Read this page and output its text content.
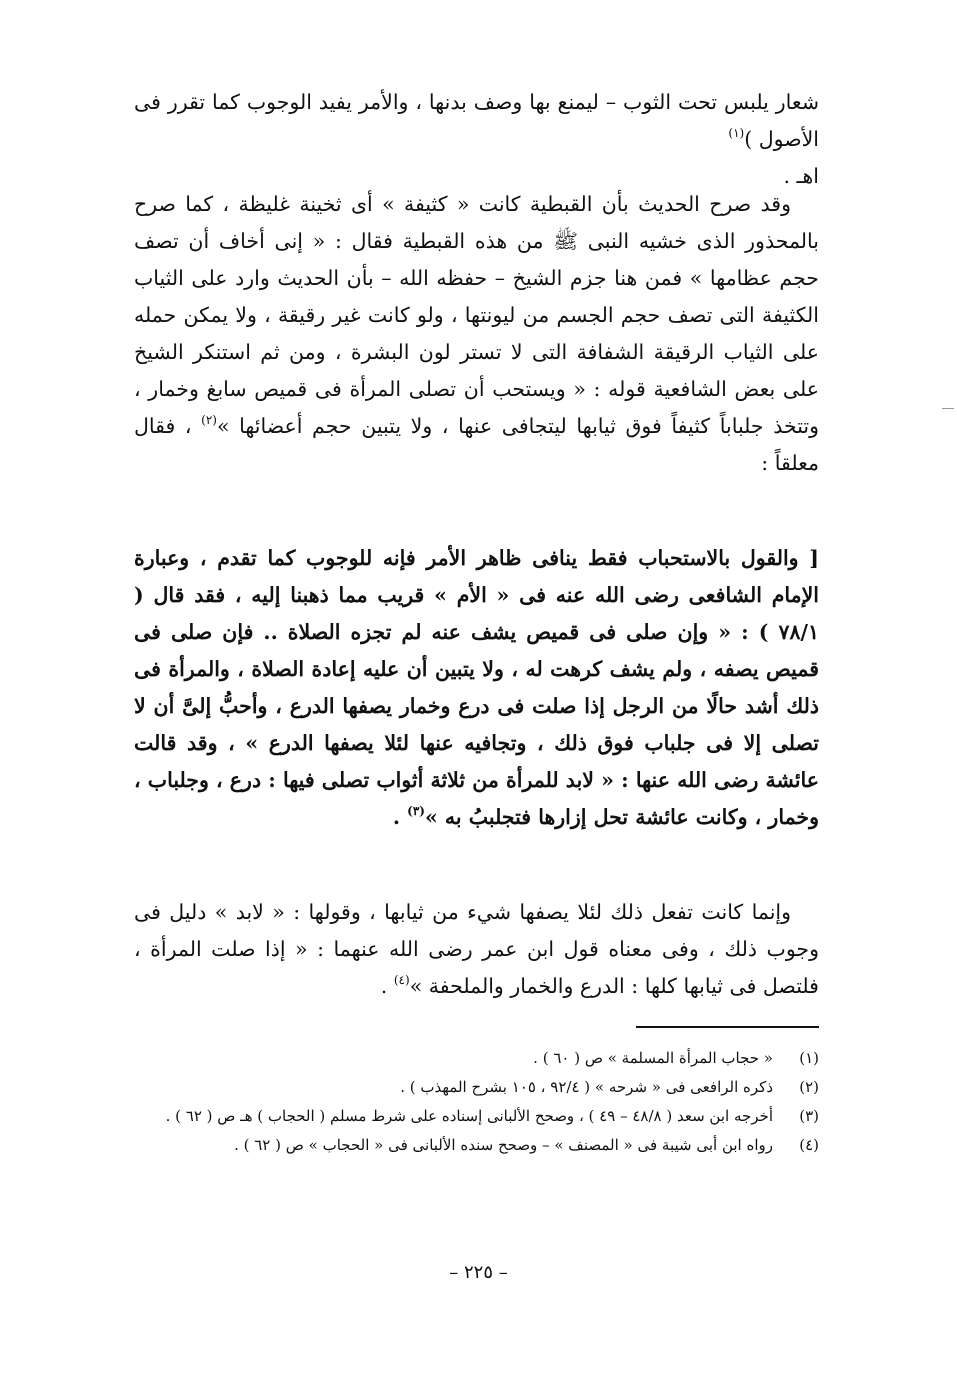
شعار يلبس تحت الثوب – ليمنع بها وصف بدنها ، والأمر يفيد الوجوب كما تقرر فى الأصول )$^{(١)}$
اهـ .
وقد صرح الحديث بأن القبطية كانت « كثيفة » أى ثخينة غليظة ، كما صرح بالمحذور الذى خشيه النبى ﷺ من هذه القبطية فقال : « إنى أخاف أن تصف حجم عظامها » فمن هنا جزم الشيخ – حفظه الله – بأن الحديث وارد على الثياب الكثيفة التى تصف حجم الجسم من ليونتها ، ولو كانت غير رقيقة ، ولا يمكن حمله على الثياب الرقيقة الشفافة التى لا تستر لون البشرة ، ومن ثم استنكر الشيخ على بعض الشافعية قوله : « ويستحب أن تصلى المرأة فى قميص سابغ وخمار ، وتتخذ جلباباً كثيفاً فوق ثيابها ليتجافى عنها ، ولا يتبين حجم أعضائها »$^{(٢)}$ ، فقال معلقاً :
[ والقول بالاستحباب فقط ينافى ظاهر الأمر فإنه للوجوب كما تقدم ، وعبارة الإمام الشافعى رضى الله عنه فى « الأم » قريب مما ذهبنا إليه ، فقد قال ( ٧٨/١ ) : « وإن صلى فى قميص يشف عنه لم تجزه الصلاة .. فإن صلى فى قميص يصفه ، ولم يشف كرهت له ، ولا يتبين أن عليه إعادة الصلاة ، والمرأة فى ذلك أشد حالًا من الرجل إذا صلت فى درع وخمار يصفها الدرع ، وأحبُّ إلىَّ أن لا تصلى إلا فى جلباب فوق ذلك ، وتجافيه عنها لئلا يصفها الدرع » ، وقد قالت عائشة رضى الله عنها : « لابد للمرأة من ثلاثة أثواب تصلى فيها : درع ، وجلباب ، وخمار ، وكانت عائشة تحل إزارها فتجلببُ به »$^{(٣)}$ .
وإنما كانت تفعل ذلك لئلا يصفها شيء من ثيابها ، وقولها : « لابد » دليل فى وجوب ذلك ، وفى معناه قول ابن عمر رضى الله عنهما : « إذا صلت المرأة ، فلتصل فى ثيابها كلها : الدرع والخمار والملحفة »$^{(٤)}$ .
(١)
« حجاب المرأة المسلمة » ص ( ٦٠ ) .
(٢)
ذكره الرافعى فى « شرحه » ( ٩٢/٤ ، ١٠٥ بشرح المهذب ) .
(٣)
أخرجه ابن سعد ( ٤٨/٨ – ٤٩ ) ، وصحح الألبانى إسناده على شرط مسلم ( الحجاب ) هـ ص ( ٦٢ ) .
(٤)
رواه ابن أبى شيبة فى « المصنف » – وصحح سنده الألبانى فى « الحجاب » ص ( ٦٢ ) .
– ٢٢٥ –
